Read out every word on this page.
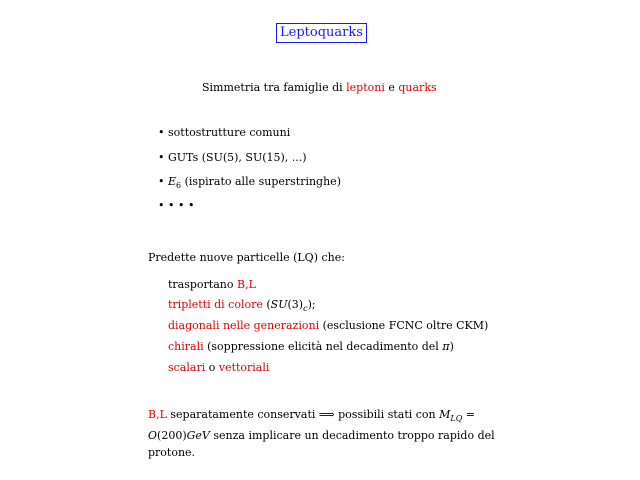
Leptoquarks
Simmetria tra famiglie di leptoni e quarks
• sottostrutture comuni
• GUTs (SU(5), SU(15), ...)
• $E_6$ (ispirato alle superstringhe)
• • • •
Predette nuove particelle (LQ) che:
trasportano B,L
tripletti di colore $(SU(3)_c)$;
diagonali nelle generazioni (esclusione FCNC oltre CKM)
chirali (soppressione elicità nel decadimento del π)
scalari o vettoriali
B,L separatamente conservati ⟹ possibili stati con $M_{LQ} = O(200)GeV$ senza implicare un decadimento troppo rapido del protone.
